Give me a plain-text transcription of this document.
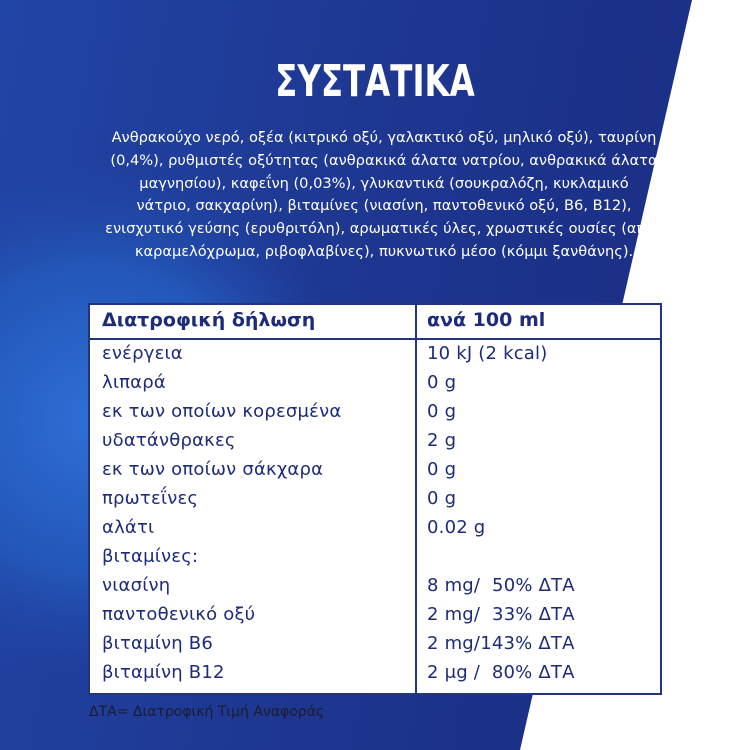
ΣΥΣΤΑΤΙΚΑ
Ανθρακούχο νερό, οξέα (κιτρικό οξύ, γαλακτικό οξύ, μηλικό οξύ), ταυρίνη
(0,4%), ρυθμιστές οξύτητας (ανθρακικά άλατα νατρίου, ανθρακικά άλατα
μαγνησίου), καφεΐνη (0,03%), γλυκαντικά (σουκραλόζη, κυκλαμικό
νάτριο, σακχαρίνη), βιταμίνες (νιασίνη, παντοθενικό οξύ, B6, B12),
ενισχυτικό γεύσης (ερυθριτόλη), αρωματικές ύλες, χρωστικές ουσίες (απλό
καραμελόχρωμα, ριβοφλαβίνες), πυκνωτικό μέσο (κόμμι ξανθάνης).
Διατροφική δήλωση	ανά 100 ml
ενέργεια	10 kJ (2 kcal)
λιπαρά	0 g
εκ των οποίων κορεσμένα	0 g
υδατάνθρακες	2 g
εκ των οποίων σάκχαρα	0 g
πρωτεΐνες	0 g
αλάτι	0.02 g
βιταμίνες:
νιασίνη	8 mg/  50% ΔΤΑ
παντοθενικό οξύ	2 mg/  33% ΔΤΑ
βιταμίνη B6	2 mg/143% ΔΤΑ
βιταμίνη B12	2 μg /  80% ΔΤΑ
ΔΤΑ= Διατροφική Τιμή Αναφοράς
